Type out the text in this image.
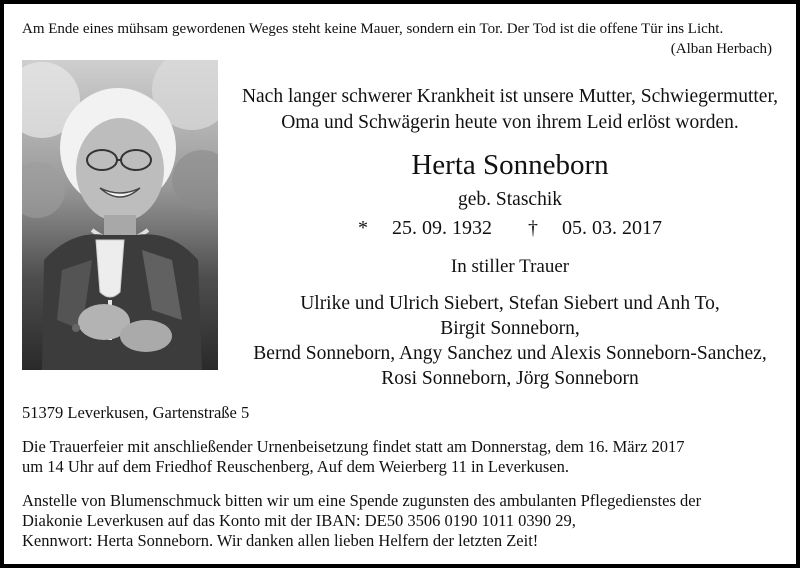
Am Ende eines mühsam gewordenen Weges steht keine Mauer, sondern ein Tor. Der Tod ist die offene Tür ins Licht.
(Alban Herbach)
Nach langer schwerer Krankheit ist unsere Mutter, Schwiegermutter,
Oma und Schwägerin heute von ihrem Leid erlöst worden.
Herta Sonneborn
geb. Staschik
* 25. 09. 1932 † 05. 03. 2017
In stiller Trauer
Ulrike und Ulrich Siebert, Stefan Siebert und Anh To,
Birgit Sonneborn,
Bernd Sonneborn, Angy Sanchez und Alexis Sonneborn-Sanchez,
Rosi Sonneborn, Jörg Sonneborn
51379 Leverkusen, Gartenstraße 5
Die Trauerfeier mit anschließender Urnenbeisetzung findet statt am Donnerstag, dem 16. März 2017
um 14 Uhr auf dem Friedhof Reuschenberg, Auf dem Weierberg 11 in Leverkusen.
Anstelle von Blumenschmuck bitten wir um eine Spende zugunsten des ambulanten Pflegedienstes der
Diakonie Leverkusen auf das Konto mit der IBAN: DE50 3506 0190 1011 0390 29,
Kennwort: Herta Sonneborn. Wir danken allen lieben Helfern der letzten Zeit!
